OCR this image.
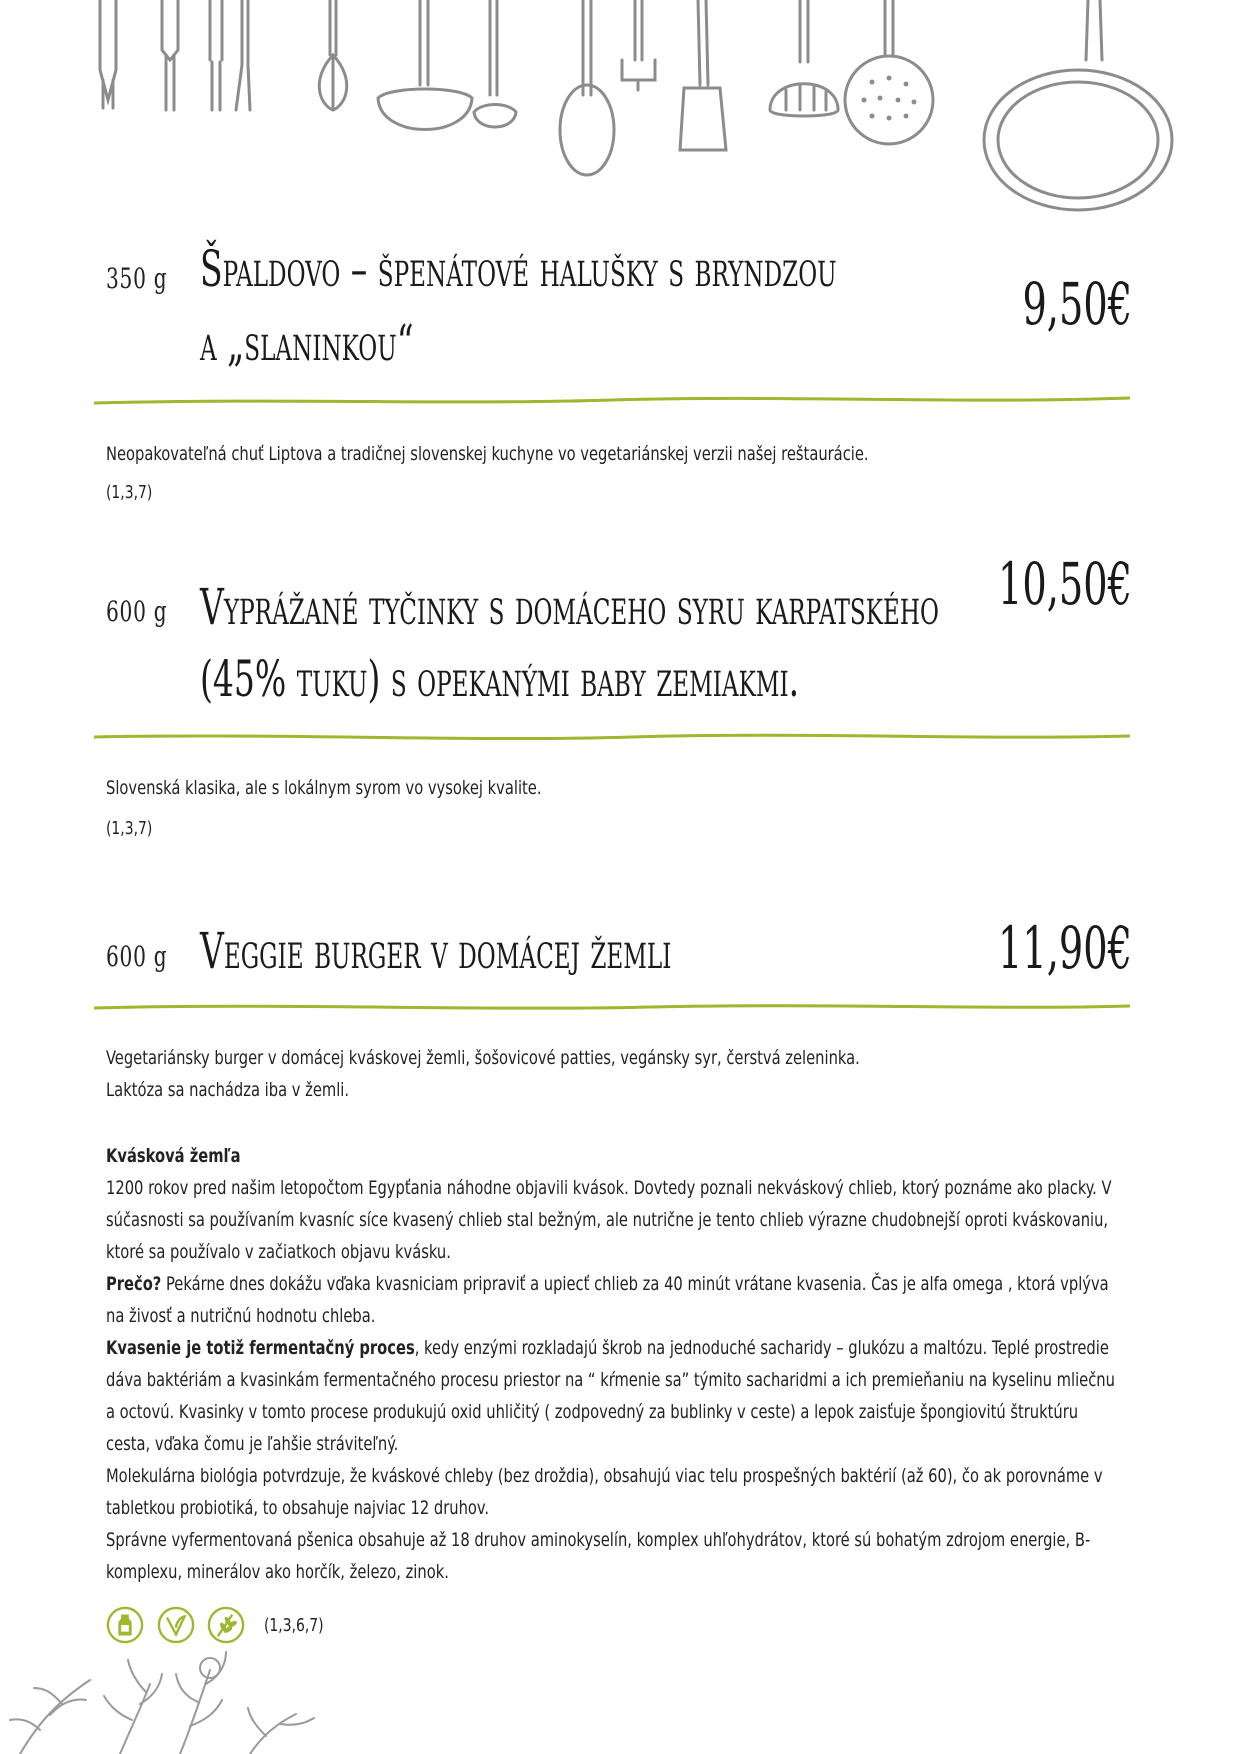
350 g Špaldovo – špenátové halušky s bryndzou
a „slaninkou“
9,50€
Neopakovateľná chuť Liptova a tradičnej slovenskej kuchyne vo vegetariánskej verzii našej reštaurácie.
(1,3,7)
600 g Vyprážané tyčinky s domáceho syru karpatského
(45% tuku) s opekanými baby zemiakmi.
10,50€
Slovenská klasika, ale s lokálnym syrom vo vysokej kvalite.
(1,3,7)
600 g Veggie burger v domácej žemli	11,90€
Vegetariánsky burger v domácej kváskovej žemli, šošovicové patties, vegánsky syr, čerstvá zeleninka.
Laktóza sa nachádza iba v žemli.

Kvásková žemľa

1200 rokov pred našim letopočtom Egypťania náhodne objavili kvások. Dovtedy poznali nekváskový chlieb, ktorý poznáme ako placky. V súčasnosti sa používaním kvasníc síce kvasený chlieb stal bežným, ale nutrične je tento chlieb výrazne chudobnejší oproti kváskovaniu, ktoré sa používalo v začiatkoch objavu kvásku.

Prečo? Pekárne dnes dokážu vďaka kvasniciam pripraviť a upiecť chlieb za 40 minút vrátane kvasenia. Čas je alfa omega , ktorá vplýva na živosť a nutričnú hodnotu chleba.

Kvasenie je totiž fermentačný proces, kedy enzými rozkladajú škrob na jednoduché sacharidy – glukózu a maltózu. Teplé prostredie dáva baktériám a kvasinkám fermentačného procesu priestor na “ kŕmenie sa” týmito sacharidmi a ich premieňaniu na kyselinu mliečnu a octovú. Kvasinky v tomto procese produkujú oxid uhličitý ( zodpovedný za bublinky v ceste) a lepok zaisťuje špongiovitú štruktúru cesta, vďaka čomu je ľahšie stráviteľný.

Molekulárna biológia potvrdzuje, že kváskové chleby (bez droždia), obsahujú viac telu prospešných baktérií (až 60), čo ak porovnáme v tabletkou probiotiká, to obsahuje najviac 12 druhov.

Správne vyfermentovaná pšenica obsahuje až 18 druhov aminokyselín, komplex uhľohydrátov, ktoré sú bohatým zdrojom energie, B- komplexu, minerálov ako horčík, železo, zinok.

(1,3,6,7)
